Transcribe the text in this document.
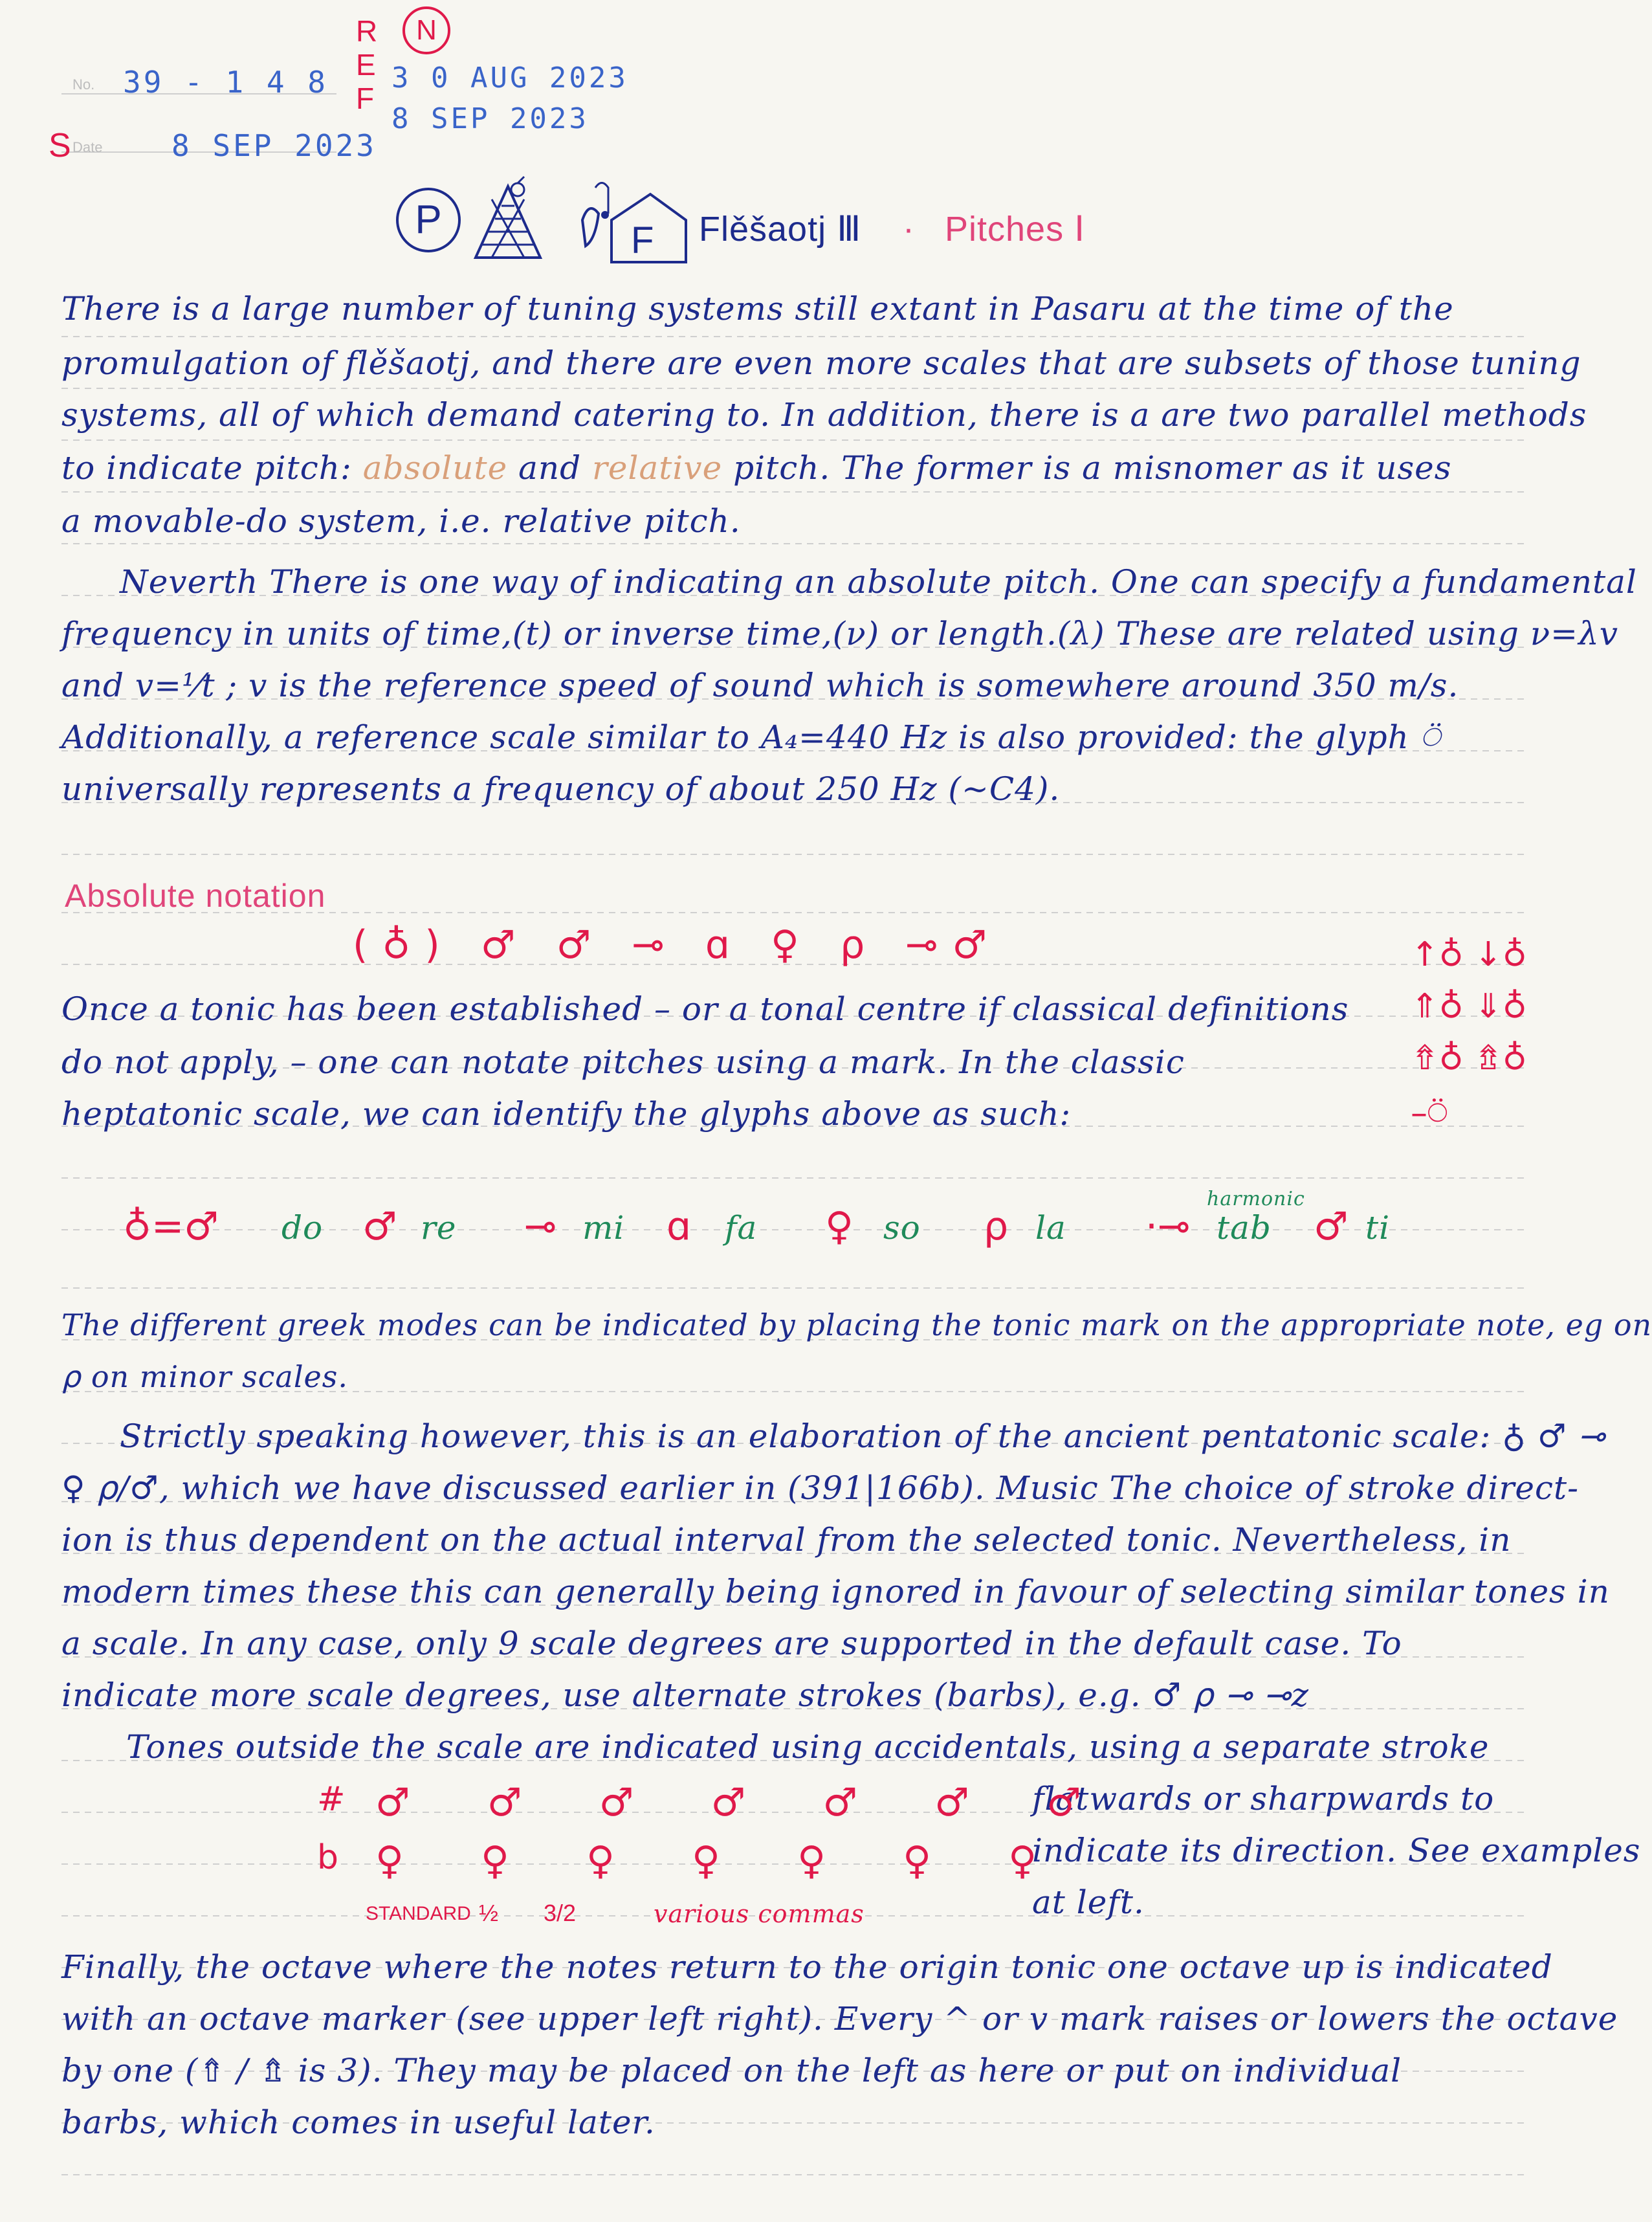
No. 39 - 1 4 8
S Date 8 SEP 2023
R
E
F
N
3 0 AUG 2023
8 SEP 2023
P	F Flěšaotj Ⅲ · Pitches Ⅰ
There is a large number of tuning systems still extant in Pasaru at the time of the
promulgation of flěšaotj, and there are even more scales that are subsets of those tuning
systems, all of which demand catering to. In addition, there is a are two parallel methods
to indicate pitch: absolute and relative pitch. The former is a misnomer as it uses
a movable-do system, i.e. relative pitch.
Neverth There is one way of indicating an absolute pitch. One can specify a fundamental
frequency in units of time,(t) or inverse time,(ν) or length.(λ) These are related using ν=λv
and v=¹⁄t ; v is the reference speed of sound which is somewhere around 350 m/s.
Additionally, a reference scale similar to A₄=440 Hz is also provided: the glyph ⍥
universally represents a frequency of about 250 Hz (~C4).
Absolute notation
(♁) ♂ ♂ ⊸ ɑ ♀ ⍴ ⊸♂	↑♁ ↓♁
⇑♁ ⇓♁
⇮♁ ⇯♁
–⍥
Once a tonic has been established – or a tonal centre if classical definitions
do not apply, – one can notate pitches using a mark. In the classic
heptatonic scale, we can identify the glyphs above as such:
♁=♂ do ♂ re ⊸ mi ɑ fa ♀ so ⍴ la ·⊸ tab ♂ ti
harmonic
The different greek modes can be indicated by placing the tonic mark on the appropriate note, eg on
⍴ on minor scales.
Strictly speaking however, this is an elaboration of the ancient pentatonic scale: ♁ ♂ ⊸
♀ ⍴/♂, which we have discussed earlier in (391|166b). Music The choice of stroke direct-
ion is thus dependent on the actual interval from the selected tonic. Nevertheless, in
modern times these this can generally being ignored in favour of selecting similar tones in
a scale. In any case, only 9 scale degrees are supported in the default case. To
indicate more scale degrees, use alternate strokes (barbs), e.g. ♂ ⍴ ⊸ ⊸z
Tones outside the scale are indicated using accidentals, using a separate stroke
flatwards or sharpwards to
indicate its direction. See examples
at left.
# ♂ ♂ ♂ ♂ ♂ ♂ ♂
b ♀ ♀ ♀ ♀ ♀ ♀ ♀
STANDARD ½ 3/2	various commas
Finally, the octave where the notes return to the origin tonic one octave up is indicated
with an octave marker (see upper left right). Every ^ or v mark raises or lowers the octave
by one (⇮ / ⇯ is 3). They may be placed on the left as here or put on individual
barbs, which comes in useful later.
